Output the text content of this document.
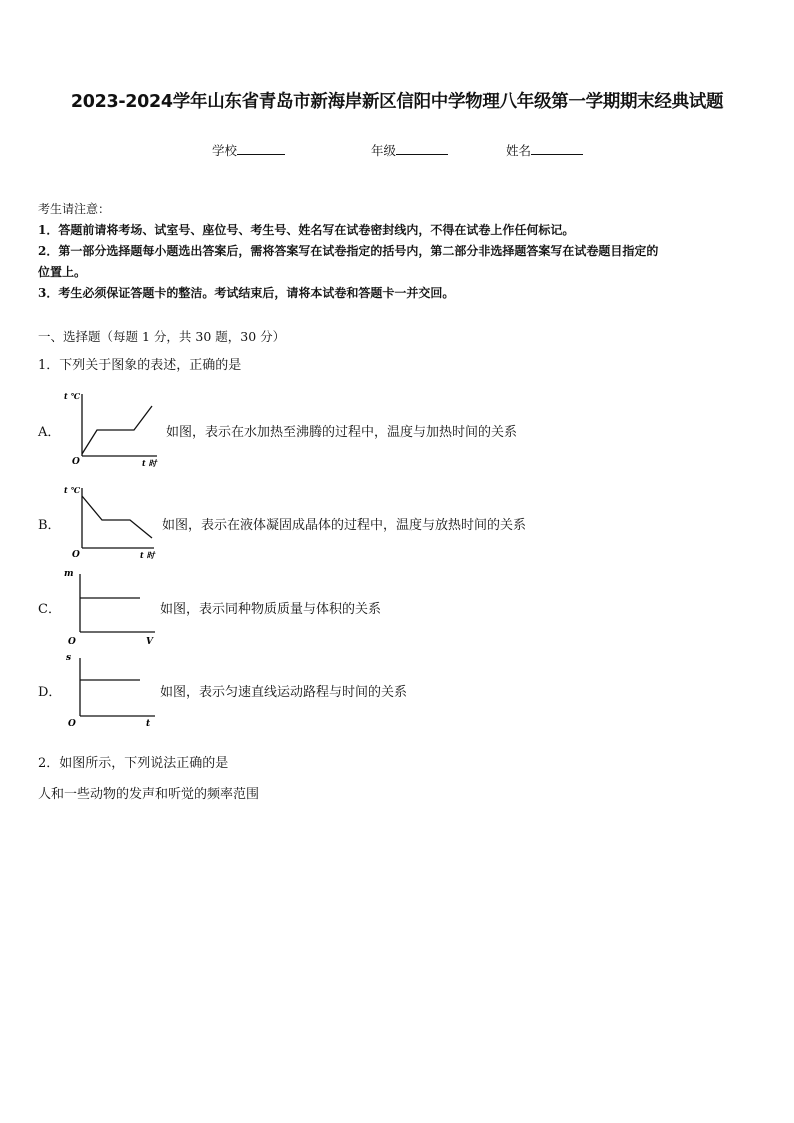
2023-2024学年山东省青岛市新海岸新区信阳中学物理八年级第一学期期末经典试题
学校	年级	姓名
考生请注意：
1．答题前请将考场、试室号、座位号、考生号、姓名写在试卷密封线内，不得在试卷上作任何标记。
2．第一部分选择题每小题选出答案后，需将答案写在试卷指定的括号内，第二部分非选择题答案写在试卷题目指定的
位置上。
3．考生必须保证答题卡的整洁。考试结束后，请将本试卷和答题卡一并交回。
一、选择题（每题 1 分，共 30 题，30 分）
1．下列关于图象的表述，正确的是
A．
t ℃
O	t 时
如图，表示在水加热至沸腾的过程中，温度与加热时间的关系
B．
t ℃
O	t 时
如图，表示在液体凝固成晶体的过程中，温度与放热时间的关系
C．
m
O	V
如图，表示同种物质质量与体积的关系
D．
s
O	t
如图，表示匀速直线运动路程与时间的关系
2．如图所示，下列说法正确的是
人和一些动物的发声和听觉的频率范围
